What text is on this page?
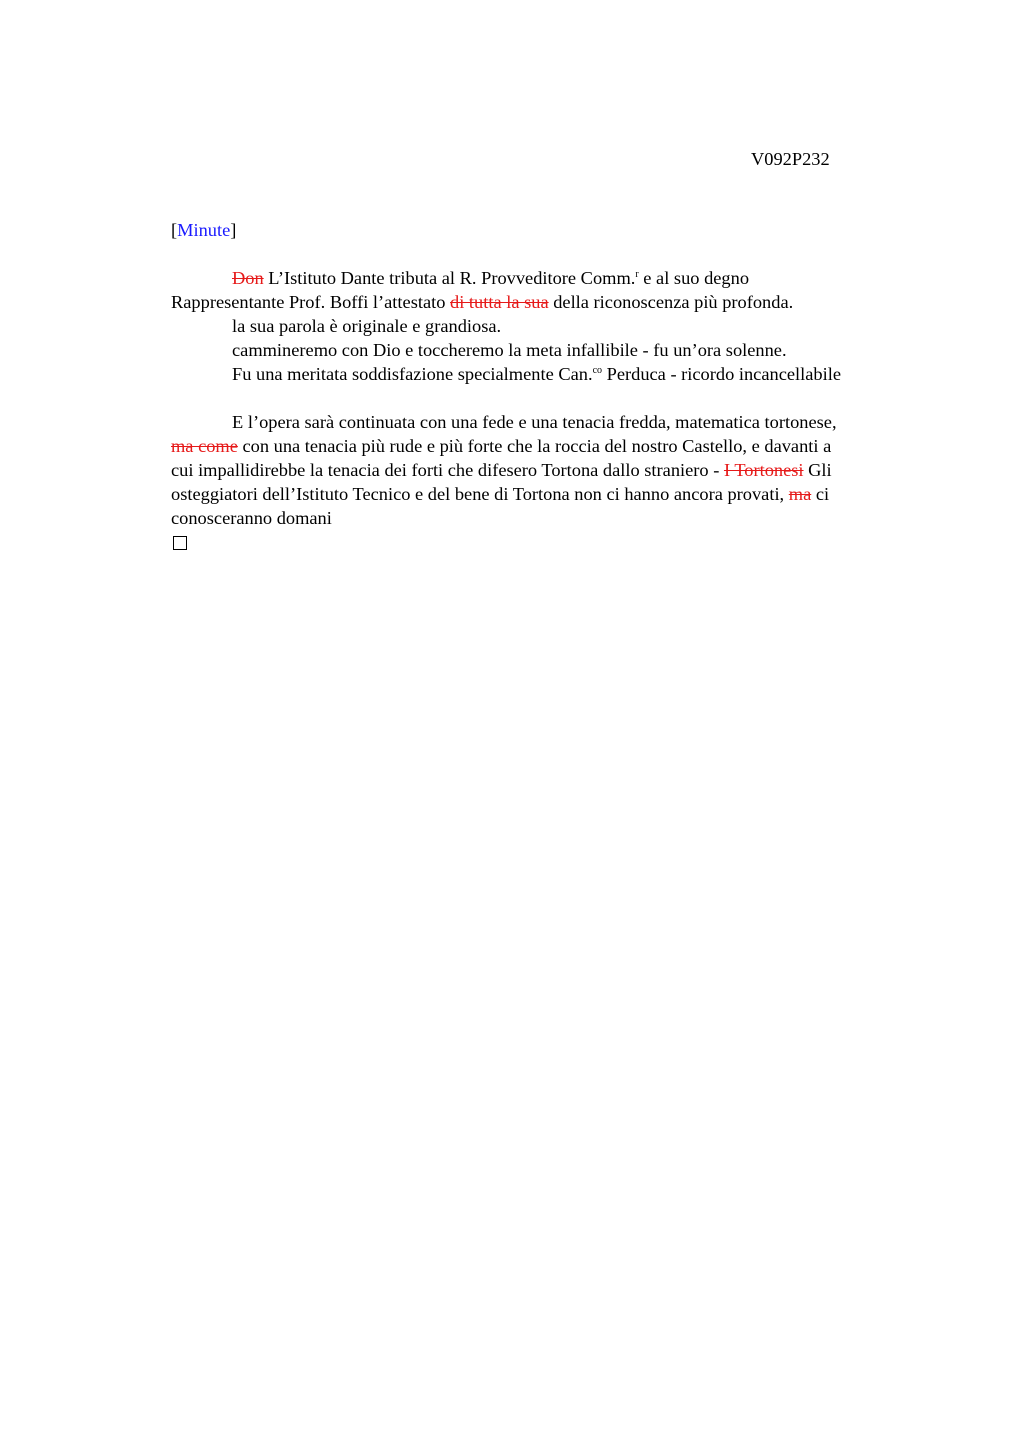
V092P232
[Minute]
Don L’Istituto Dante tributa al R. Provveditore Comm.$^r$ e al suo degno
Rappresentante Prof. Boffi l’attestato di tutta la sua della riconoscenza più profonda.
la sua parola è originale e grandiosa.
cammineremo con Dio e toccheremo la meta infallibile - fu un’ora solenne.
Fu una meritata soddisfazione specialmente Can.$^{co}$ Perduca - ricordo incancellabile
E l’opera sarà continuata con una fede e una tenacia fredda, matematica tortonese,
ma come con una tenacia più rude e più forte che la roccia del nostro Castello, e davanti a
cui impallidirebbe la tenacia dei forti che difesero Tortona dallo straniero - I Tortonesi Gli
osteggiatori dell’Istituto Tecnico e del bene di Tortona non ci hanno ancora provati, ma ci
conosceranno domani
